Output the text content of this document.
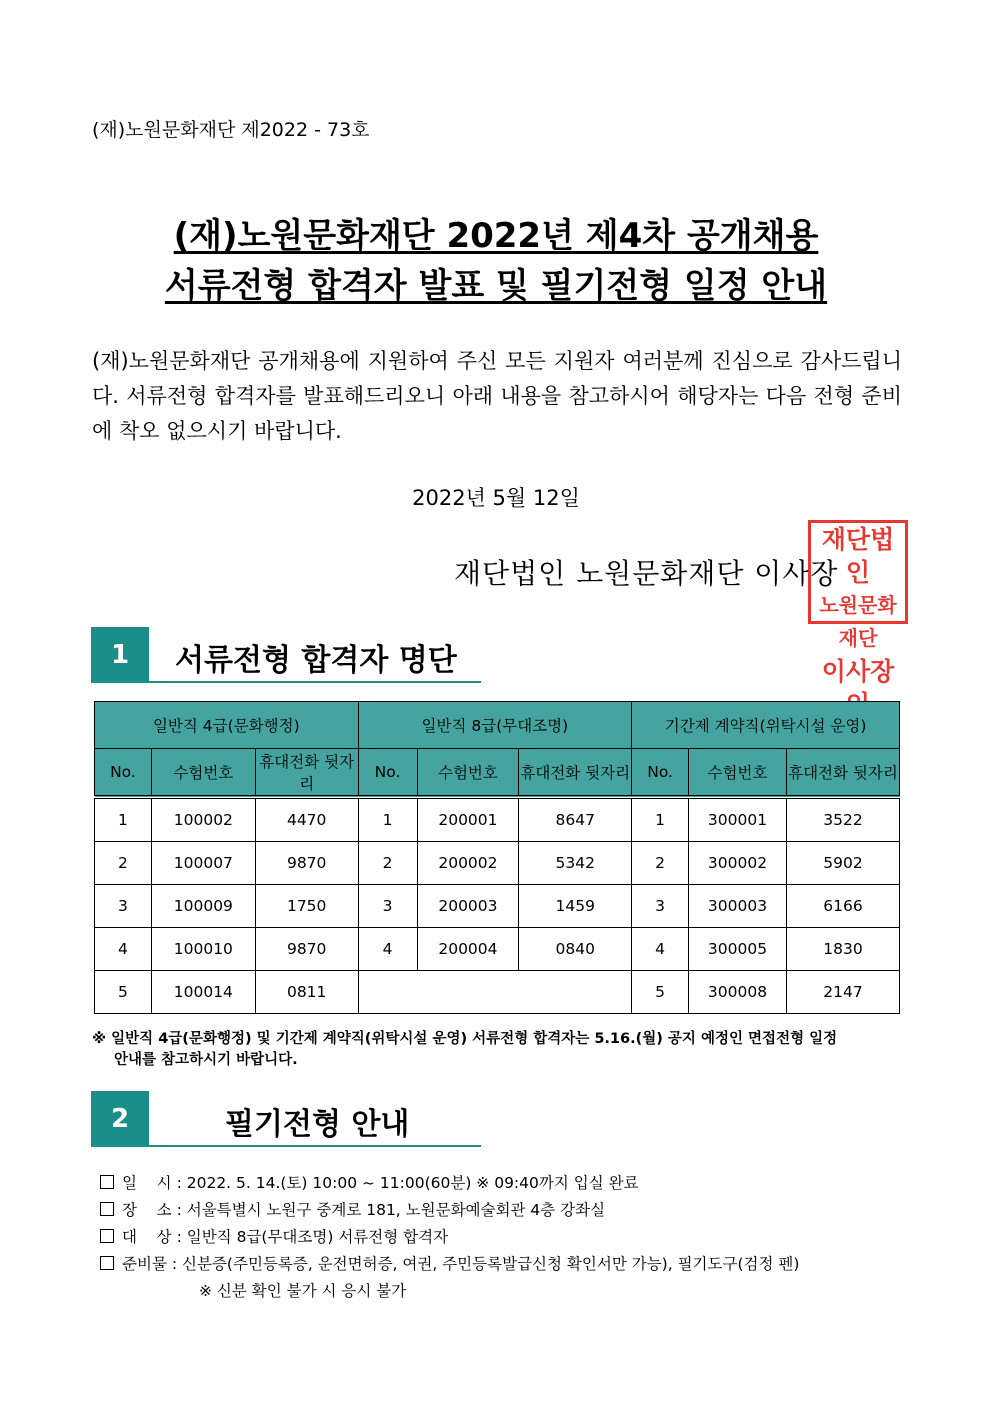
(재)노원문화재단 제2022 - 73호
(재)노원문화재단 2022년 제4차 공개채용
서류전형 합격자 발표 및 필기전형 일정 안내
(재)노원문화재단 공개채용에 지원하여 주신 모든 지원자 여러분께 진심으로 감사드립니다. 서류전형 합격자를 발표해드리오니 아래 내용을 참고하시어 해당자는 다음 전형 준비에 착오 없으시기 바랍니다.
2022년 5월 12일
재단법인 노원문화재단 이사장
재단법인
노원문화재단
이사장
1	서류전형 합격자 명단
일반직 4급(문화행정)			일반직 8급(무대조명)			기간제 계약직(위탁시설 운영)		
No.	수험번호	휴대전화 뒷자리	No.	수험번호	휴대전화 뒷자리	No.	수험번호	휴대전화 뒷자리
1	100002	4470	1	200001	8647	1	300001	3522
2	100007	9870	2	200002	5342	2	300002	5902
3	100009	1750	3	200003	1459	3	300003	6166
4	100010	9870	4	200004	0840	4	300005	1830
5	100014	0811				5	300008	2147
※ 일반직 4급(문화행정) 및 기간제 계약직(위탁시설 운영) 서류전형 합격자는 5.16.(월) 공지 예정인 면접전형 일정
안내를 참고하시기 바랍니다.
2	필기전형 안내
일    시 : 2022. 5. 14.(토) 10:00 ~ 11:00(60분) ※ 09:40까지 입실 완료
장    소 : 서울특별시 노원구 중계로 181, 노원문화예술회관 4층 강좌실
대    상 : 일반직 8급(무대조명) 서류전형 합격자
준비물 : 신분증(주민등록증, 운전면허증, 여권, 주민등록발급신청 확인서만 가능), 필기도구(검정 펜)
※ 신분 확인 불가 시 응시 불가
